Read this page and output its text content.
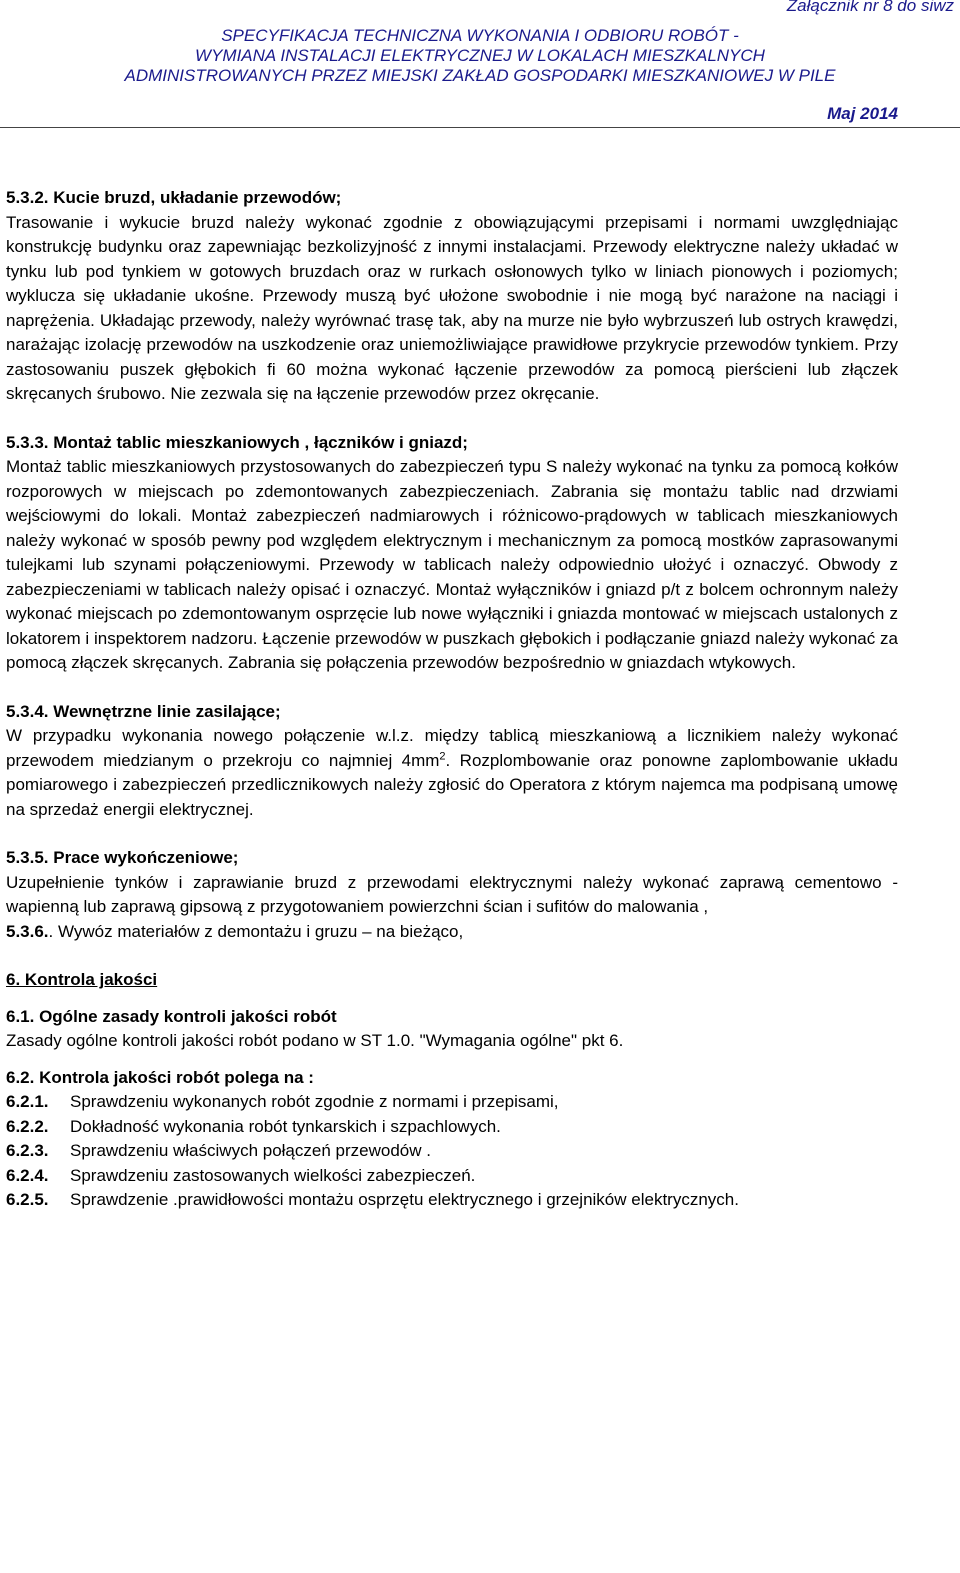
Załącznik nr 8 do siwz
SPECYFIKACJA TECHNICZNA WYKONANIA I ODBIORU ROBÓT -
WYMIANA INSTALACJI ELEKTRYCZNEJ W LOKALACH MIESZKALNYCH
ADMINISTROWANYCH PRZEZ MIEJSKI ZAKŁAD GOSPODARKI MIESZKANIOWEJ W PILE
Maj 2014
5.3.2. Kucie bruzd, układanie przewodów;

Trasowanie i wykucie bruzd należy wykonać zgodnie z obowiązującymi przepisami i normami uwzględniając konstrukcję budynku oraz zapewniając bezkolizyjność z innymi instalacjami. Przewody elektryczne należy układać w tynku lub pod tynkiem w gotowych bruzdach oraz w rurkach osłonowych tylko w liniach pionowych i poziomych; wyklucza się układanie ukośne. Przewody muszą być ułożone swobodnie i nie mogą być narażone na naciągi i naprężenia. Układając przewody, należy wyrównać trasę tak, aby na murze nie było wybrzuszeń lub ostrych krawędzi, narażając izolację przewodów na uszkodzenie oraz uniemożliwiające prawidłowe przykrycie przewodów tynkiem. Przy zastosowaniu puszek głębokich fi 60 można wykonać łączenie przewodów za pomocą pierścieni lub złączek skręcanych śrubowo. Nie zezwala się na łączenie przewodów przez okręcanie.

5.3.3. Montaż tablic mieszkaniowych , łączników i gniazd;

Montaż tablic mieszkaniowych przystosowanych do zabezpieczeń typu S należy wykonać na tynku za pomocą kołków rozporowych w miejscach po zdemontowanych zabezpieczeniach. Zabrania się montażu tablic nad drzwiami wejściowymi do lokali. Montaż zabezpieczeń nadmiarowych i różnicowo-prądowych w tablicach mieszkaniowych należy wykonać w sposób pewny pod względem elektrycznym i mechanicznym za pomocą mostków zaprasowanymi tulejkami lub szynami połączeniowymi. Przewody w tablicach należy odpowiednio ułożyć i oznaczyć. Obwody z zabezpieczeniami w tablicach należy opisać i oznaczyć. Montaż wyłączników i gniazd p/t z bolcem ochronnym należy wykonać miejscach po zdemontowanym osprzęcie lub nowe wyłączniki i gniazda montować w miejscach ustalonych z lokatorem i inspektorem nadzoru. Łączenie przewodów w puszkach głębokich i podłączanie gniazd należy wykonać za pomocą złączek skręcanych. Zabrania się połączenia przewodów bezpośrednio w gniazdach wtykowych.

5.3.4. Wewnętrzne linie zasilające;

W przypadku wykonania nowego połączenie w.l.z. między tablicą mieszkaniową a licznikiem należy wykonać przewodem miedzianym o przekroju co najmniej $4mm^2$. Rozplombowanie oraz ponowne zaplombowanie układu pomiarowego i zabezpieczeń przedlicznikowych należy zgłosić do Operatora z którym najemca ma podpisaną umowę na sprzedaż energii elektrycznej.

5.3.5. Prace wykończeniowe;

Uzupełnienie tynków i zaprawianie bruzd z przewodami elektrycznymi należy wykonać zaprawą cementowo - wapienną lub zaprawą gipsową z przygotowaniem powierzchni ścian i sufitów do malowania ,

5.3.6.. Wywóz materiałów z demontażu i gruzu – na bieżąco,
6. Kontrola jakości
6.1. Ogólne zasady kontroli jakości robót
Zasady ogólne kontroli jakości robót podano w ST 1.0. "Wymagania ogólne" pkt 6.
6.2. Kontrola jakości robót polega na :
6.2.1. Sprawdzeniu wykonanych robót zgodnie z normami i przepisami,
6.2.2. Dokładność wykonania robót tynkarskich i szpachlowych.
6.2.3. Sprawdzeniu właściwych połączeń przewodów .
6.2.4. Sprawdzeniu zastosowanych wielkości zabezpieczeń.
6.2.5. Sprawdzenie .prawidłowości montażu osprzętu elektrycznego i grzejników elektrycznych.
